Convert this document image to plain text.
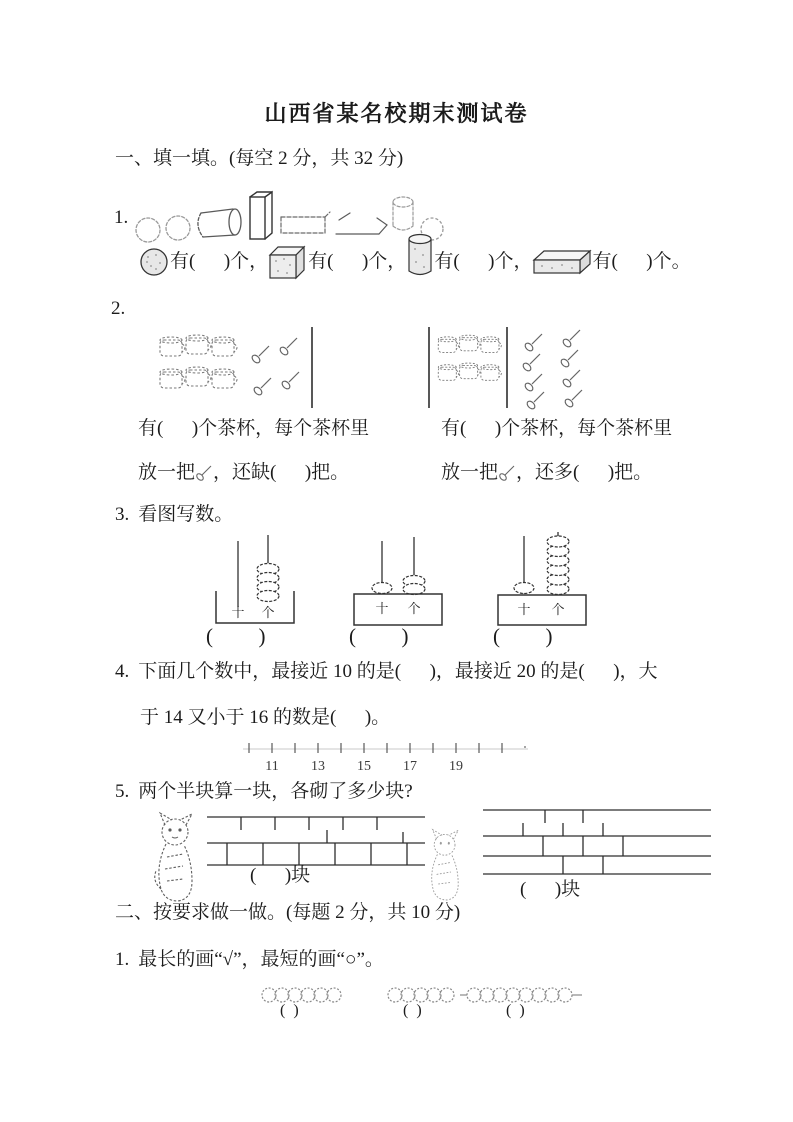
山西省某名校期末测试卷
一、填一填。(每空 2 分，共 32 分)
1.
有(      )个， 有(      )个， 有(      )个，	有(      )个。
2.
有(      )个茶杯，每个茶杯里
放一把 ，还缺(      )把。
有(      )个茶杯，每个茶杯里
放一把 ，还多(      )把。
3. 看图写数。
十 个	十 个	十 个
(      )	(      )	(      )
4. 下面几个数中，最接近 10 的是(      )，最接近 20 的是(      )，大
于 14 又小于 16 的数是(      )。
11 13 15 17 19
5. 两个半块算一块，各砌了多少块?
(      )块
(      )块
二、按要求做一做。(每题 2 分，共 10 分)
1. 最长的画“√”，最短的画“○”。
(  )	(  )	(  )
